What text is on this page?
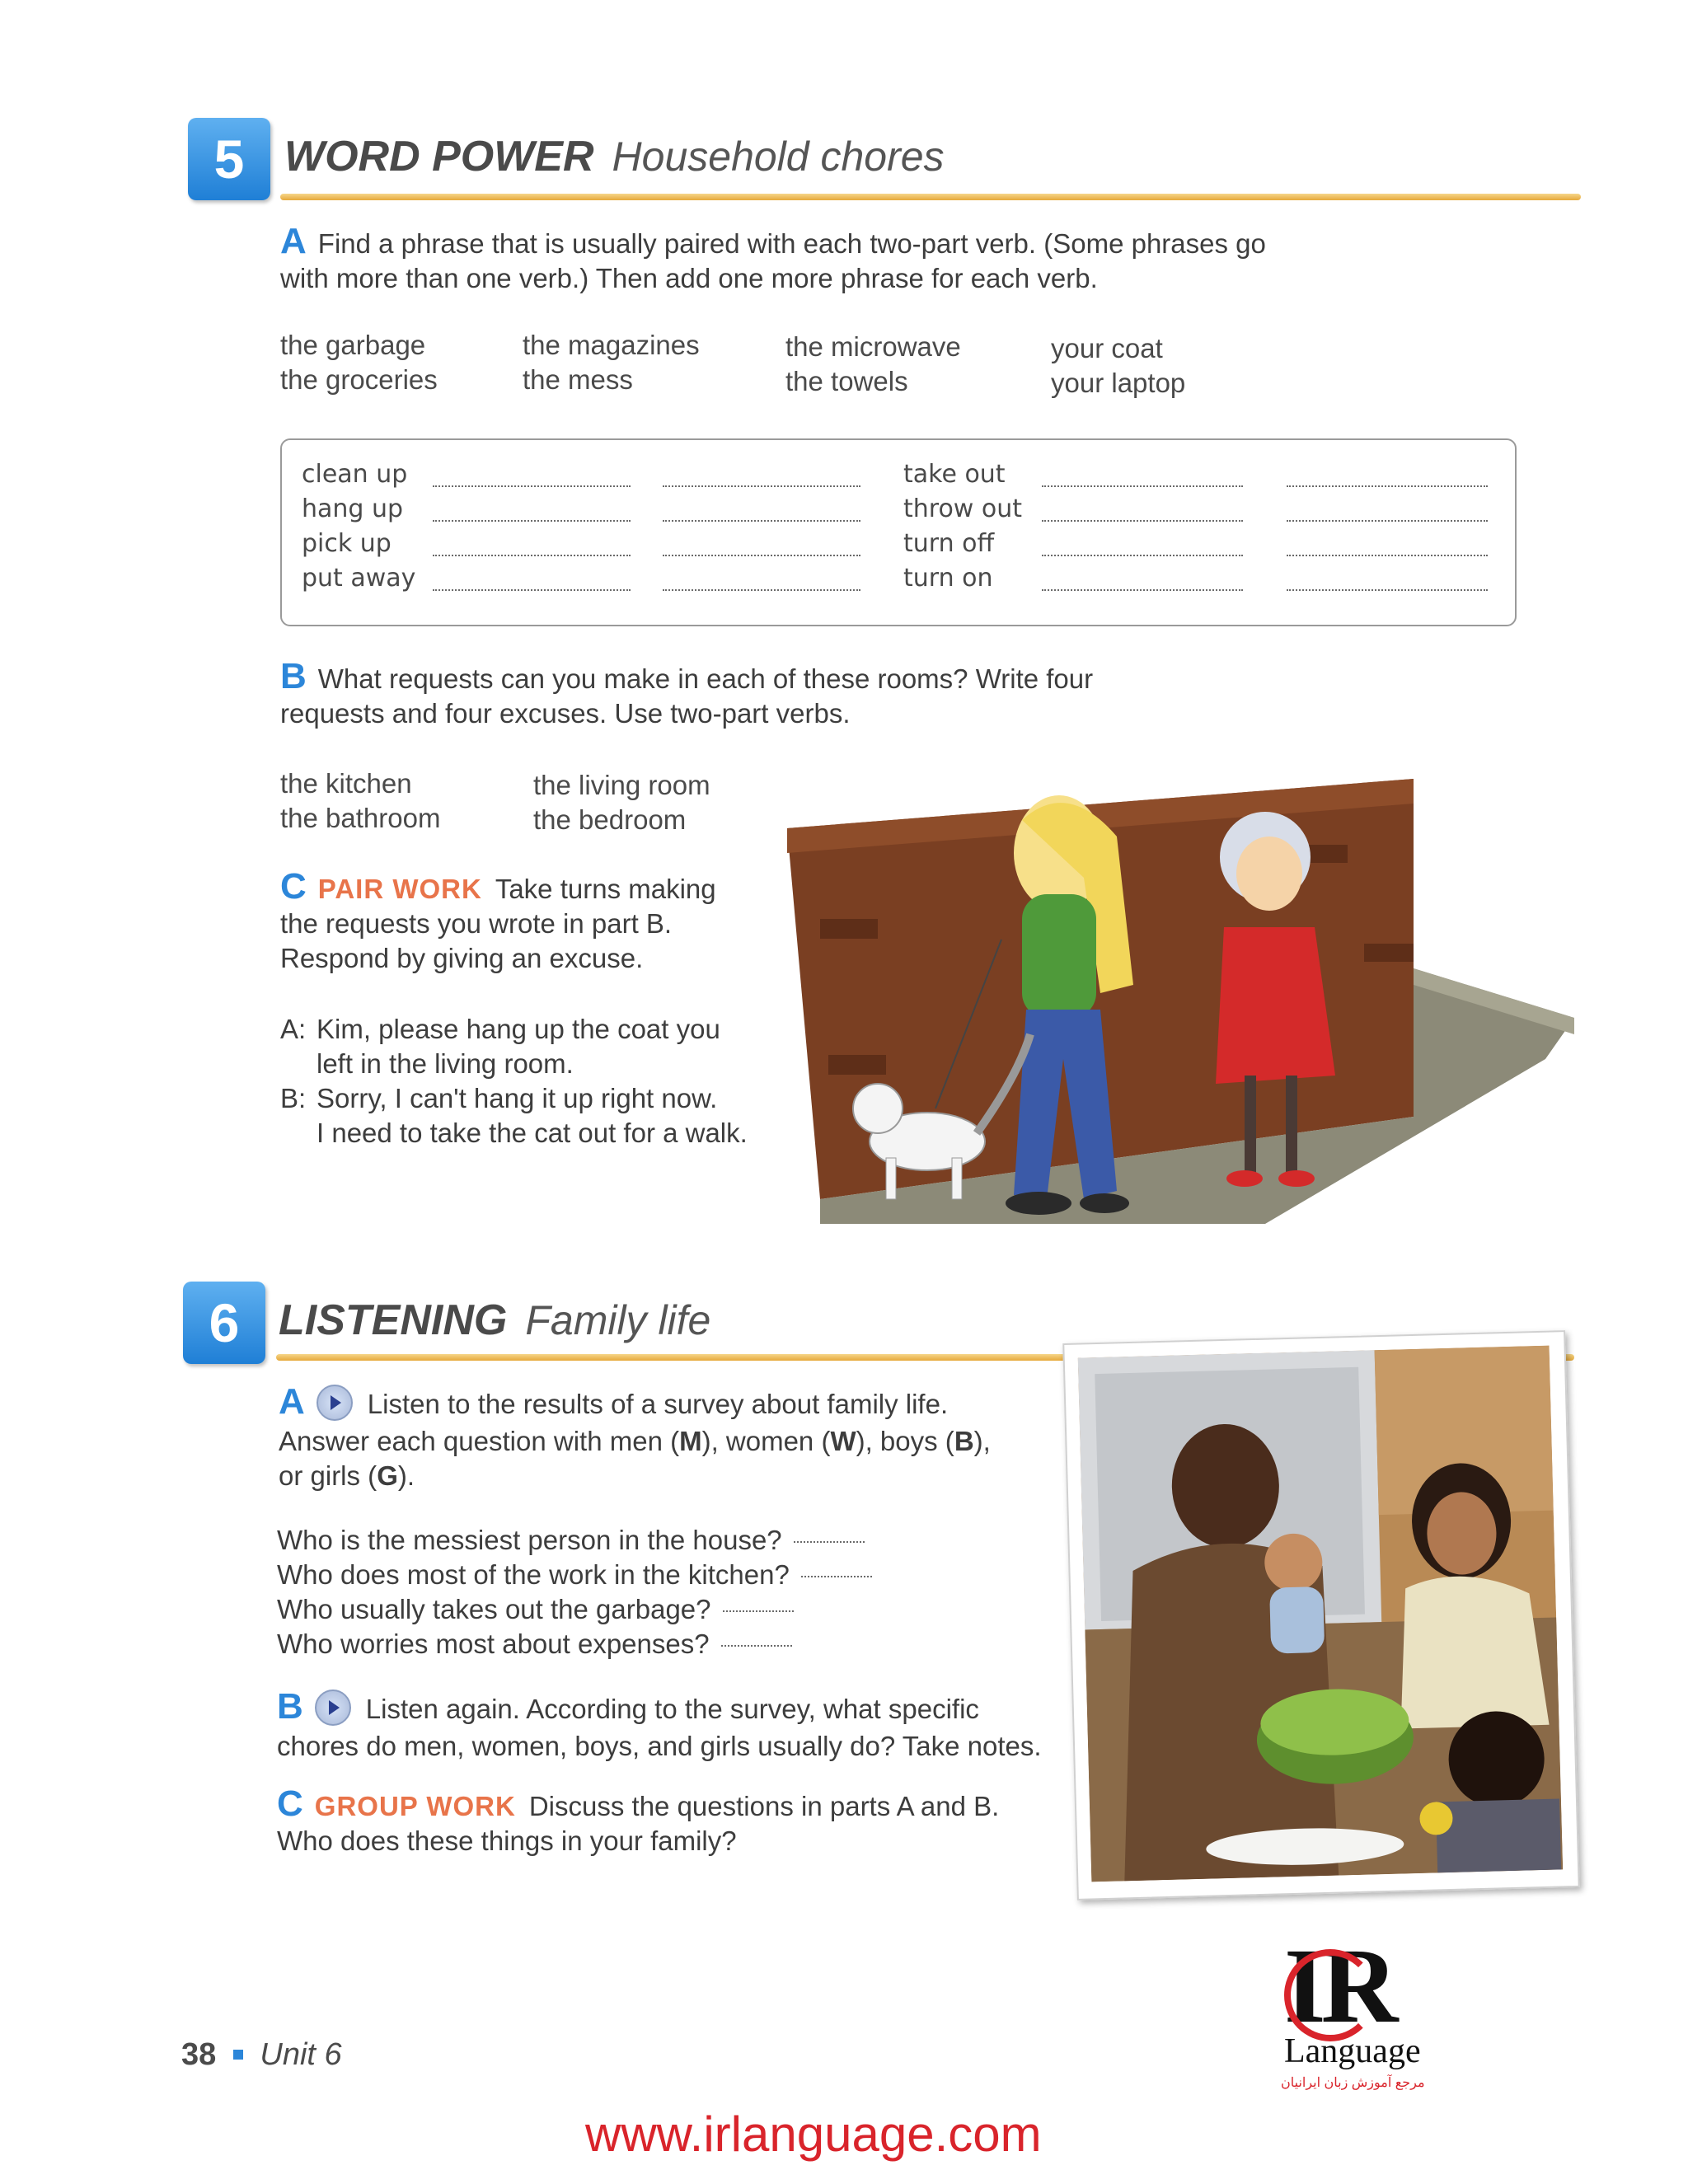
5 WORD POWER Household chores
A Find a phrase that is usually paired with each two-part verb. (Some phrases go with more than one verb.) Then add one more phrase for each verb.
the garbage
the groceries
the magazines
the mess
the microwave
the towels
your coat
your laptop
clean up
hang up
pick up
put away
take out
throw out
turn off
turn on
B What requests can you make in each of these rooms? Write four requests and four excuses. Use two-part verbs.
the kitchen
the bathroom
the living room
the bedroom
C PAIR WORK Take turns making
the requests you wrote in part B.
Respond by giving an excuse.
A: Kim, please hang up the coat you
left in the living room.
B: Sorry, I can't hang it up right now.
I need to take the cat out for a walk.
6 LISTENING Family life
A Listen to the results of a survey about family life.
Answer each question with men (M), women (W), boys (B),
or girls (G).
Who is the messiest person in the house?
Who does most of the work in the kitchen?
Who usually takes out the garbage?
Who worries most about expenses?
B Listen again. According to the survey, what specific
chores do men, women, boys, and girls usually do? Take notes.
C GROUP WORK Discuss the questions in parts A and B.
Who does these things in your family?
38 Unit 6
IR
Language
مرجع آموزش زبان ایرانیان
www.irlanguage.com
